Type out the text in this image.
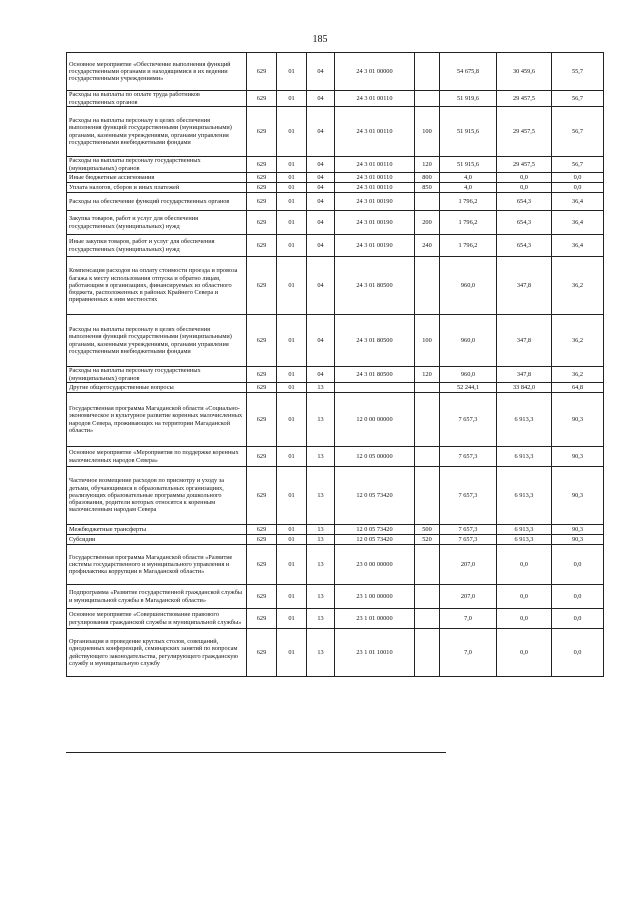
185
Основное мероприятие «Обеспечение выполнения функций государственными органами и находящимися в их ведении государственными учреждениями»	629	01	04	24 3 01 00000		54 675,8	30 459,6	55,7
Расходы на выплаты по оплате труда работников государственных органов	629	01	04	24 3 01 00110		51 919,6	29 457,5	56,7
Расходы на выплаты персоналу в целях обеспечения выполнения функций государственными (муниципальными) органами, казенными учреждениями, органами управления государственными внебюджетными фондами	629	01	04	24 3 01 00110	100	51 915,6	29 457,5	56,7
Расходы на выплаты персоналу государственных (муниципальных) органов	629	01	04	24 3 01 00110	120	51 915,6	29 457,5	56,7
Иные бюджетные ассигнования	629	01	04	24 3 01 00110	800	4,0	0,0	0,0
Уплата налогов, сборов и иных платежей	629	01	04	24 3 01 00110	850	4,0	0,0	0,0
Расходы на обеспечение функций государственных органов	629	01	04	24 3 01 00190		1 796,2	654,3	36,4
Закупка товаров, работ и услуг для обеспечения государственных (муниципальных) нужд	629	01	04	24 3 01 00190	200	1 796,2	654,3	36,4
Иные закупки товаров, работ и услуг для обеспечения государственных (муниципальных) нужд	629	01	04	24 3 01 00190	240	1 796,2	654,3	36,4
Компенсация расходов на оплату стоимости проезда и провоза багажа к месту использования отпуска и обратно лицам, работающим в организациях, финансируемых из областного бюджета, расположенных в районах Крайнего Севера и приравненных к ним местностях	629	01	04	24 3 01 80500		960,0	347,8	36,2
Расходы на выплаты персоналу в целях обеспечения выполнения функций государственными (муниципальными) органами, казенными учреждениями, органами управления государственными внебюджетными фондами	629	01	04	24 3 01 80500	100	960,0	347,8	36,2
Расходы на выплаты персоналу государственных (муниципальных) органов	629	01	04	24 3 01 80500	120	960,0	347,8	36,2
Другие общегосударственные вопросы	629	01	13			52 244,1	33 842,0	64,8
Государственная программа Магаданской области «Социально-экономическое и культурное развитие коренных малочисленных народов Севера, проживающих на территории Магаданской области»	629	01	13	12 0 00 00000		7 657,3	6 913,3	90,3
Основное мероприятие «Мероприятия по поддержке коренных малочисленных народов Севера»	629	01	13	12 0 05 00000		7 657,3	6 913,3	90,3
Частичное возмещение расходов по присмотру и уходу за детьми, обучающимися в образовательных организациях, реализующих образовательные программы дошкольного образования, родители которых относятся к коренным малочисленным народам Севера	629	01	13	12 0 05 73420		7 657,3	6 913,3	90,3
Межбюджетные трансферты	629	01	13	12 0 05 73420	500	7 657,3	6 913,3	90,3
Субсидии	629	01	13	12 0 05 73420	520	7 657,3	6 913,3	90,3
Государственная программа Магаданской области «Развитие системы государственного и муниципального управления и профилактика коррупции в Магаданской области»	629	01	13	23 0 00 00000		207,0	0,0	0,0
Подпрограмма «Развитие государственной гражданской службы и муниципальной службы в Магаданской области»	629	01	13	23 1 00 00000		207,0	0,0	0,0
Основное мероприятие «Совершенствование правового регулирования гражданской службы и муниципальной службы»	629	01	13	23 1 01 00000		7,0	0,0	0,0
Организация и проведение круглых столов, совещаний, однодневных конференций, семинарских занятий по вопросам действующего законодательства, регулирующего гражданскую службу и муниципальную службу	629	01	13	23 1 01 10010		7,0	0,0	0,0
